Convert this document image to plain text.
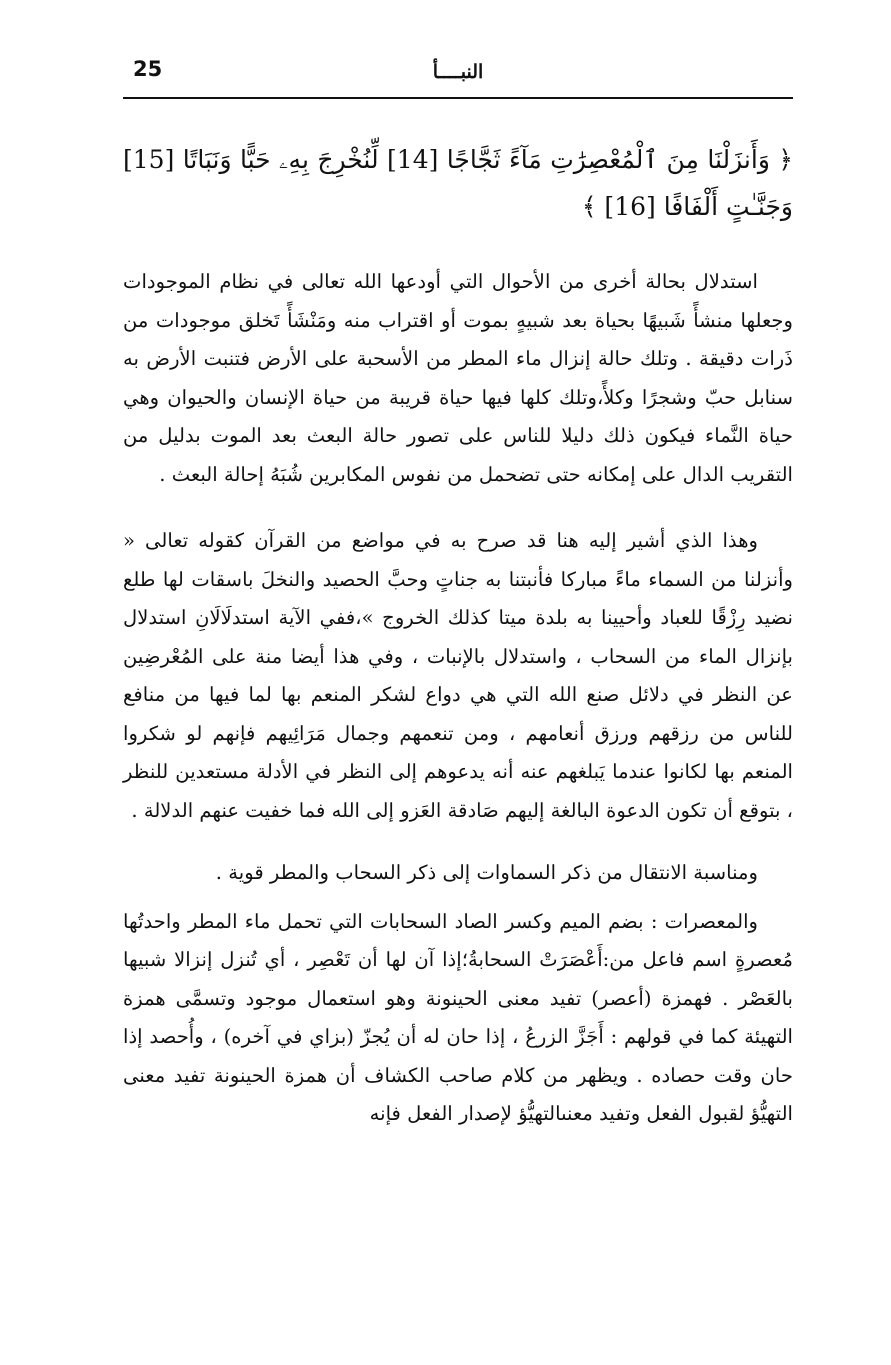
النبــــأ
25
﴿ وَأَنزَلْنَا مِنَ ٱلْمُعْصِرَٰتِ مَآءً ثَجَّاجًا [14] لِّنُخْرِجَ بِهِۦ حَبًّا وَنَبَاتًا [15] وَجَنَّـٰتٍ أَلْفَافًا [16] ﴾

استدلال بحالة أخرى من الأحوال التي أودعها الله تعالى في نظام الموجودات وجعلها منشأً شَبيهًا بحياة بعد شبيهٍ بموت أو اقتراب منه ومَنْشَأً تَخلق موجودات من ذَرات دقيقة . وتلك حالة إنزال ماء المطر من الأسحبة على الأرض فتنبت الأرض به سنابل حبّ وشجرًا وكلأً،وتلك كلها فيها حياة قريبة من حياة الإنسان والحيوان وهي حياة النَّماء فيكون ذلك دليلا للناس على تصور حالة البعث بعد الموت بدليل من التقريب الدال على إمكانه حتى تضحمل من نفوس المكابرين شُبَهُ إحالة البعث .

وهذا الذي أشير إليه هنا قد صرح به في مواضع من القرآن كقوله تعالى « وأنزلنا من السماء ماءً مباركا فأنبتنا به جناتٍ وحبَّ الحصيد والنخلَ باسقات لها طلع نضيد رِزْقًا للعباد وأحيينا به بلدة ميتا كذلك الخروج »،ففي الآية استدلَالَانِ استدلال بإنزال الماء من السحاب ، واستدلال بالإنبات ، وفي هذا أيضا منة على المُعْرضِين عن النظر في دلائل صنع الله التي هي دواع لشكر المنعم بها لما فيها من منافع للناس من رزقهم ورزق أنعامهم ، ومن تنعمهم وجمال مَرَائِيهم فإنهم لو شكروا المنعم بها لكانوا عندما يَبلغهم عنه أنه يدعوهم إلى النظر في الأدلة مستعدين للنظر ، بتوقع أن تكون الدعوة البالغة إليهم صَادقة العَزو إلى الله فما خفيت عنهم الدلالة .

ومناسبة الانتقال من ذكر السماوات إلى ذكر السحاب والمطر قوية .

والمعصرات : بضم الميم وكسر الصاد السحابات التي تحمل ماء المطر واحدتُها مُعصرةٍ اسم فاعل من:أَعْصَرَتْ السحابةُ؛إذا آن لها أن تَعْصِر ، أي تُنزل إنزالا شبيها بالعَصْر . فهمزة (أعصر) تفيد معنى الحينونة وهو استعمال موجود وتسمَّى همزة التهيئة كما في قولهم : أَجَزَّ الزرعُ ، إذا حان له أن يُجزّ (بزاي في آخره) ، وأُحصد إذا حان وقت حصاده . ويظهر من كلام صاحب الكشاف أن همزة الحينونة تفيد معنى التهيُّؤ لقبول الفعل وتفيد معنىالتهيُّؤ لإصدار الفعل فإنه
